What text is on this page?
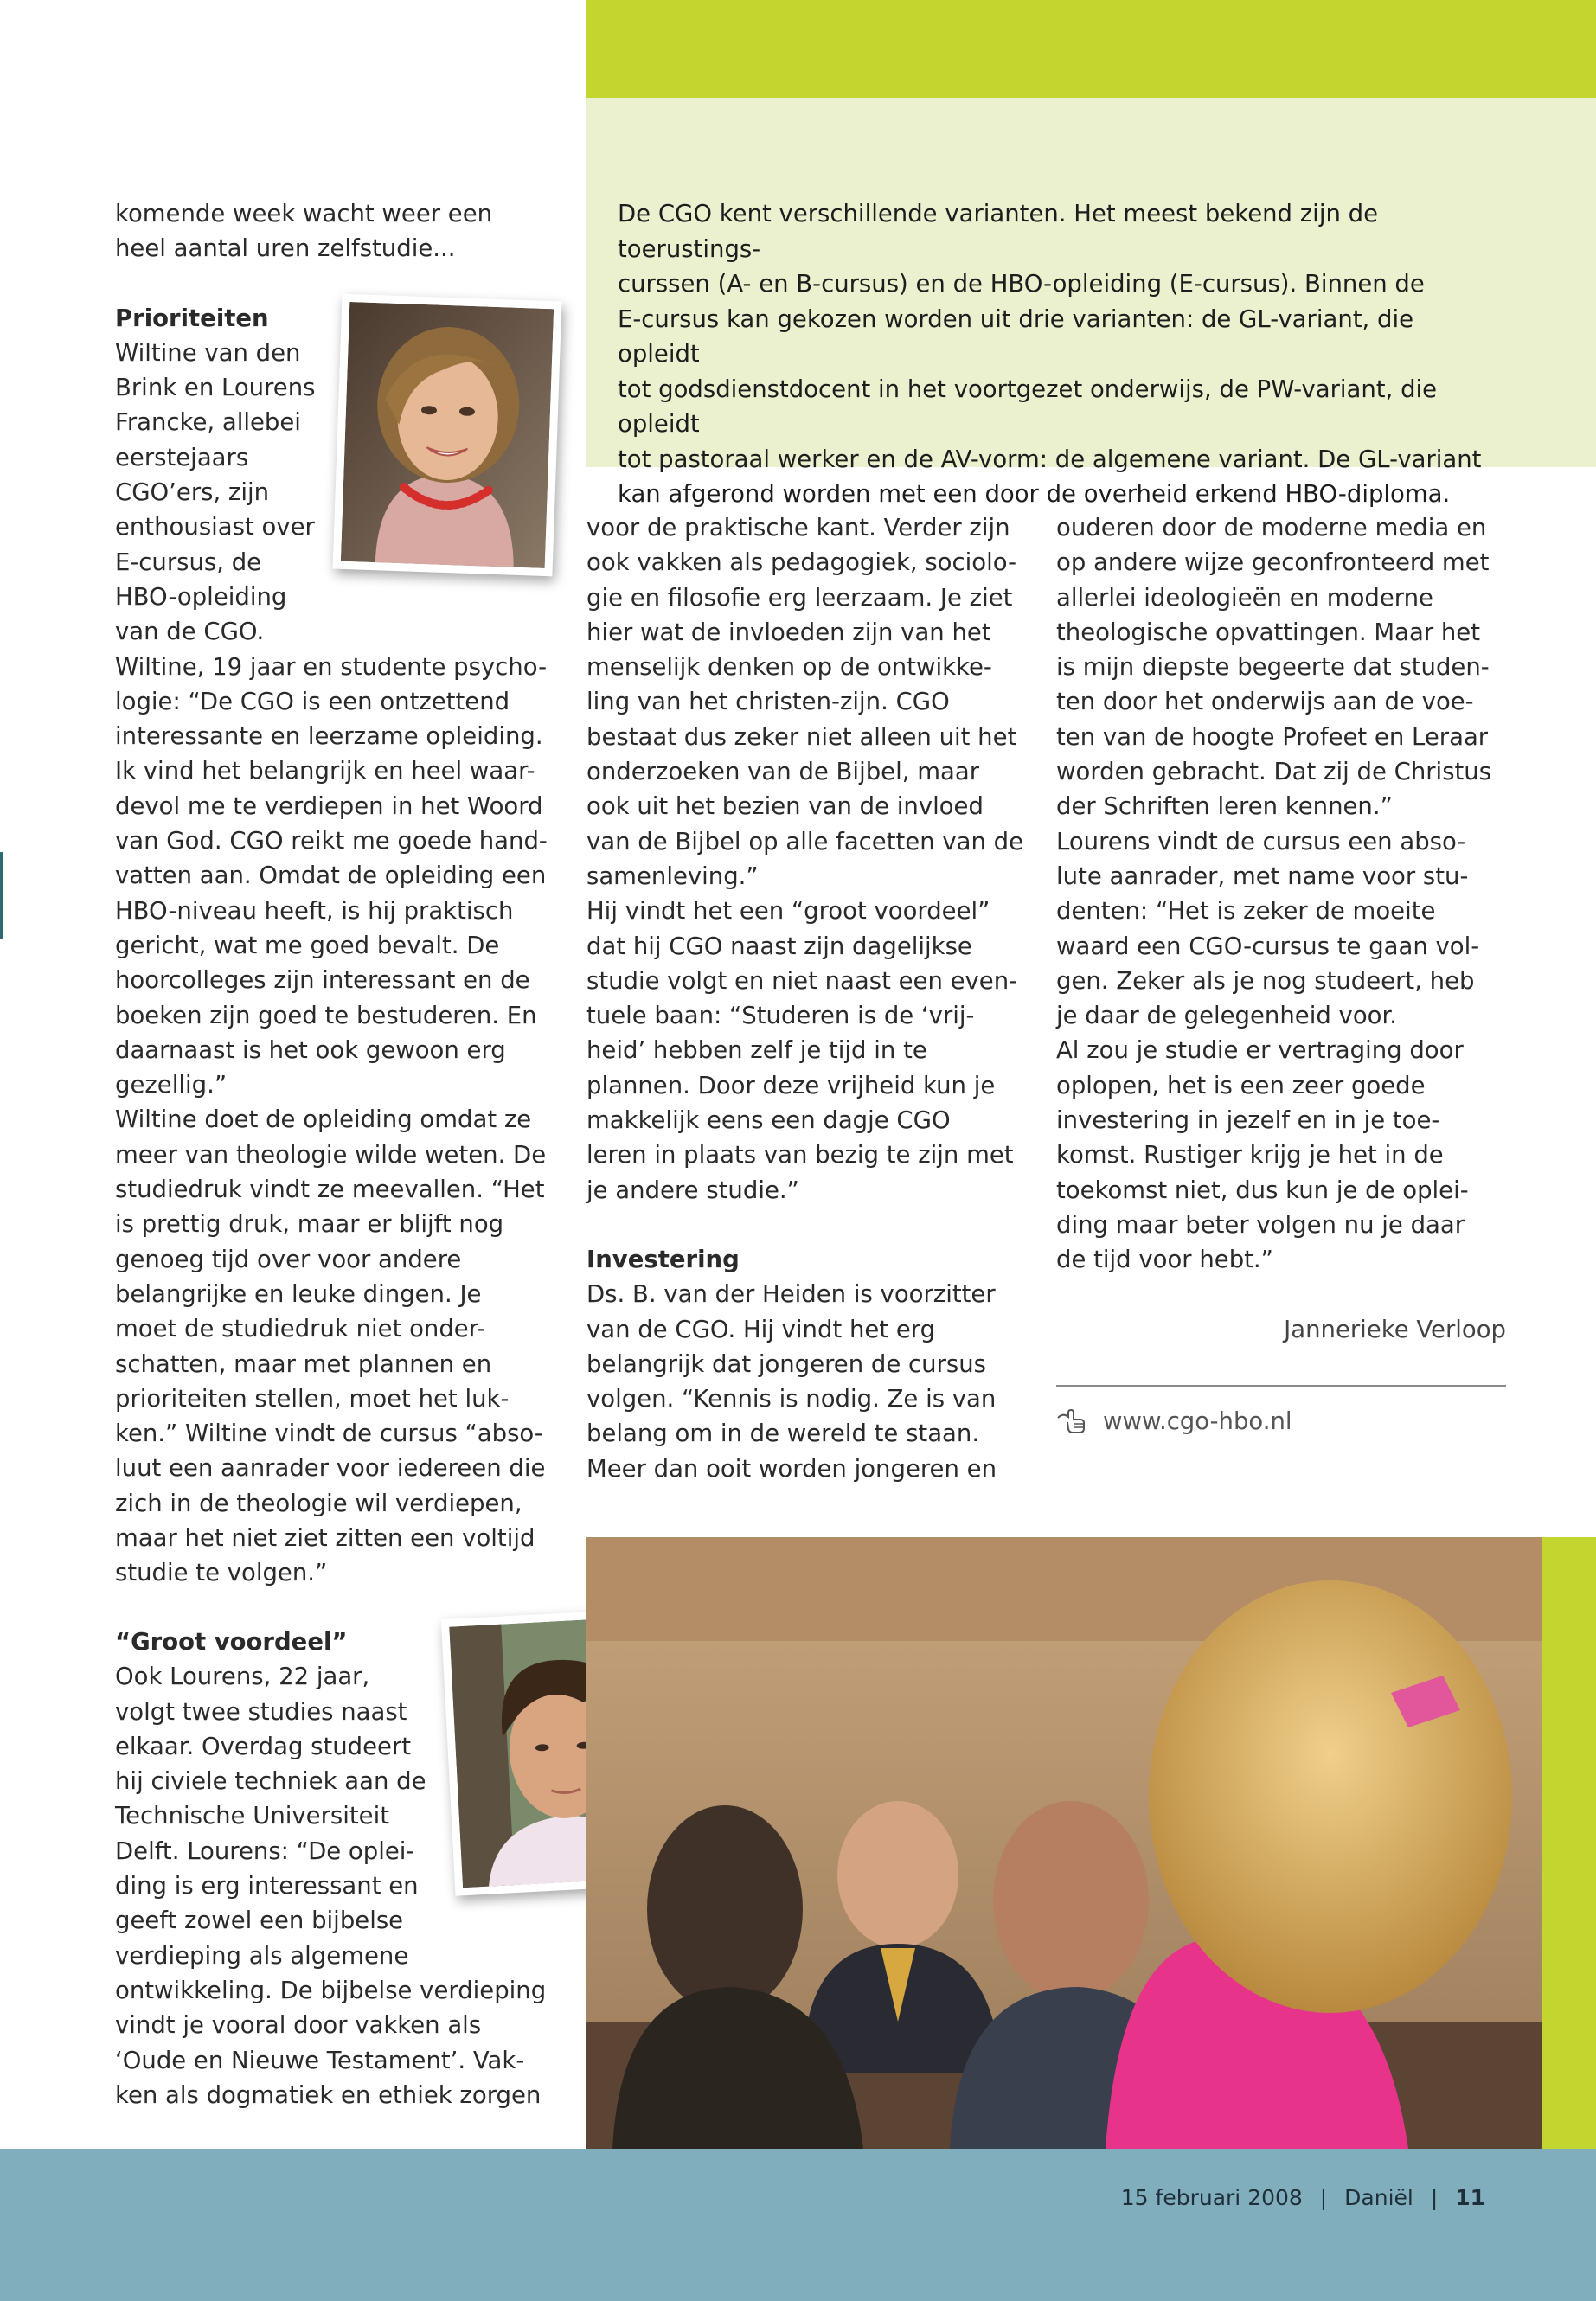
De CGO kent verschillende varianten. Het meest bekend zijn de toerustings-

curssen (A- en B-cursus) en de HBO-opleiding (E-cursus). Binnen de

E-cursus kan gekozen worden uit drie varianten: de GL-variant, die opleidt

tot godsdienstdocent in het voortgezet onderwijs, de PW-variant, die opleidt

tot pastoraal werker en de AV-vorm: de algemene variant. De GL-variant

kan afgerond worden met een door de overheid erkend HBO-diploma.

komende week wacht weer een

heel aantal uren zelfstudie...

Prioriteiten

Wiltine van den

Brink en Lourens

Francke, allebei

eerstejaars

CGO’ers, zijn

enthousiast over

E-cursus, de

HBO-opleiding

van de CGO.

Wiltine, 19 jaar en studente psycho-

logie: “De CGO is een ontzettend

interessante en leerzame opleiding.

Ik vind het belangrijk en heel waar-

devol me te verdiepen in het Woord

van God. CGO reikt me goede hand-

vatten aan. Omdat de opleiding een

HBO-niveau heeft, is hij praktisch

gericht, wat me goed bevalt. De

hoorcolleges zijn interessant en de

boeken zijn goed te bestuderen. En

daarnaast is het ook gewoon erg

gezellig.”

Wiltine doet de opleiding omdat ze

meer van theologie wilde weten. De

studiedruk vindt ze meevallen. “Het

is prettig druk, maar er blijft nog

genoeg tijd over voor andere

belangrijke en leuke dingen. Je

moet de studiedruk niet onder-

schatten, maar met plannen en

prioriteiten stellen, moet het luk-

ken.” Wiltine vindt de cursus “abso-

luut een aanrader voor iedereen die

zich in de theologie wil verdiepen,

maar het niet ziet zitten een voltijd

studie te volgen.”

“Groot voordeel”

Ook Lourens, 22 jaar,

volgt twee studies naast

elkaar. Overdag studeert

hij civiele techniek aan de

Technische Universiteit

Delft. Lourens: “De oplei-

ding is erg interessant en

geeft zowel een bijbelse

verdieping als algemene

ontwikkeling. De bijbelse verdieping

vindt je vooral door vakken als

‘Oude en Nieuwe Testament’. Vak-

ken als dogmatiek en ethiek zorgen

voor de praktische kant. Verder zijn

ook vakken als pedagogiek, sociolo-

gie en filosofie erg leerzaam. Je ziet

hier wat de invloeden zijn van het

menselijk denken op de ontwikke-

ling van het christen-zijn. CGO

bestaat dus zeker niet alleen uit het

onderzoeken van de Bijbel, maar

ook uit het bezien van de invloed

van de Bijbel op alle facetten van de

samenleving.”

Hij vindt het een “groot voordeel”

dat hij CGO naast zijn dagelijkse

studie volgt en niet naast een even-

tuele baan: “Studeren is de ‘vrij-

heid’ hebben zelf je tijd in te

plannen. Door deze vrijheid kun je

makkelijk eens een dagje CGO

leren in plaats van bezig te zijn met

je andere studie.”

Investering

Ds. B. van der Heiden is voorzitter

van de CGO. Hij vindt het erg

belangrijk dat jongeren de cursus

volgen. “Kennis is nodig. Ze is van

belang om in de wereld te staan.

Meer dan ooit worden jongeren en

ouderen door de moderne media en

op andere wijze geconfronteerd met

allerlei ideologieën en moderne

theologische opvattingen. Maar het

is mijn diepste begeerte dat studen-

ten door het onderwijs aan de voe-

ten van de hoogte Profeet en Leraar

worden gebracht. Dat zij de Christus

der Schriften leren kennen.”

Lourens vindt de cursus een abso-

lute aanrader, met name voor stu-

denten: “Het is zeker de moeite

waard een CGO-cursus te gaan vol-

gen. Zeker als je nog studeert, heb

je daar de gelegenheid voor.

Al zou je studie er vertraging door

oplopen, het is een zeer goede

investering in jezelf en in je toe-

komst. Rustiger krijg je het in de

toekomst niet, dus kun je de oplei-

ding maar beter volgen nu je daar

de tijd voor hebt.”

Jannerieke Verloop

www.cgo-hbo.nl

15 februari 2008 | Daniël | 11
